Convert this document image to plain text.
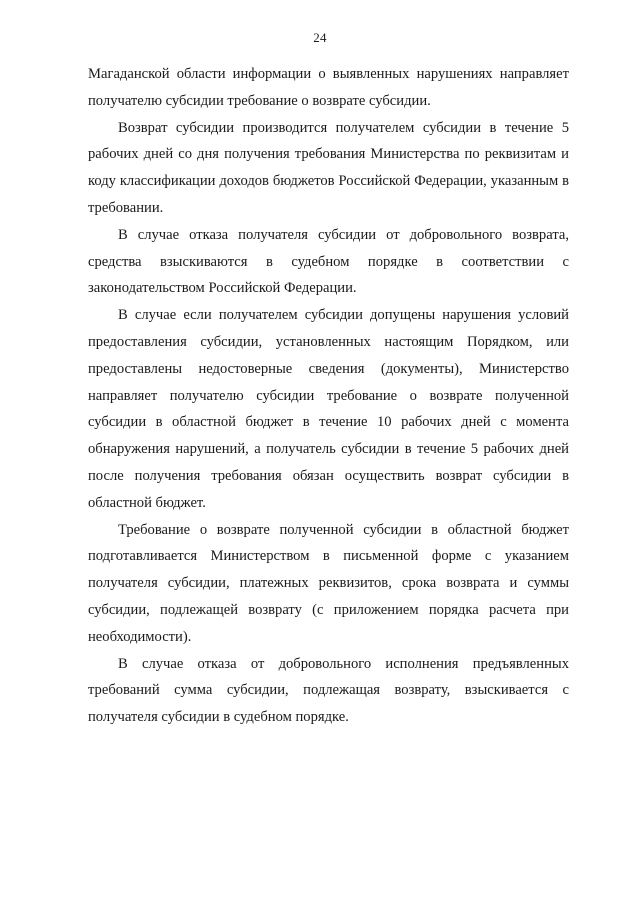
24

Магаданской области информации о выявленных нарушениях направляет получателю субсидии требование о возврате субсидии.

Возврат субсидии производится получателем субсидии в течение 5 рабочих дней со дня получения требования Министерства по реквизитам и коду классификации доходов бюджетов Российской Федерации, указанным в требовании.

В случае отказа получателя субсидии от добровольного возврата, средства взыскиваются в судебном порядке в соответствии с законодательством Российской Федерации.

В случае если получателем субсидии допущены нарушения условий предоставления субсидии, установленных настоящим Порядком, или предоставлены недостоверные сведения (документы), Министерство направляет получателю субсидии требование о возврате полученной субсидии в областной бюджет в течение 10 рабочих дней с момента обнаружения нарушений, а получатель субсидии в течение 5 рабочих дней после получения требования обязан осуществить возврат субсидии в областной бюджет.

Требование о возврате полученной субсидии в областной бюджет подготавливается Министерством в письменной форме с указанием получателя субсидии, платежных реквизитов, срока возврата и суммы субсидии, подлежащей возврату (с приложением порядка расчета при необходимости).

В случае отказа от добровольного исполнения предъявленных требований сумма субсидии, подлежащая возврату, взыскивается с получателя субсидии в судебном порядке.
